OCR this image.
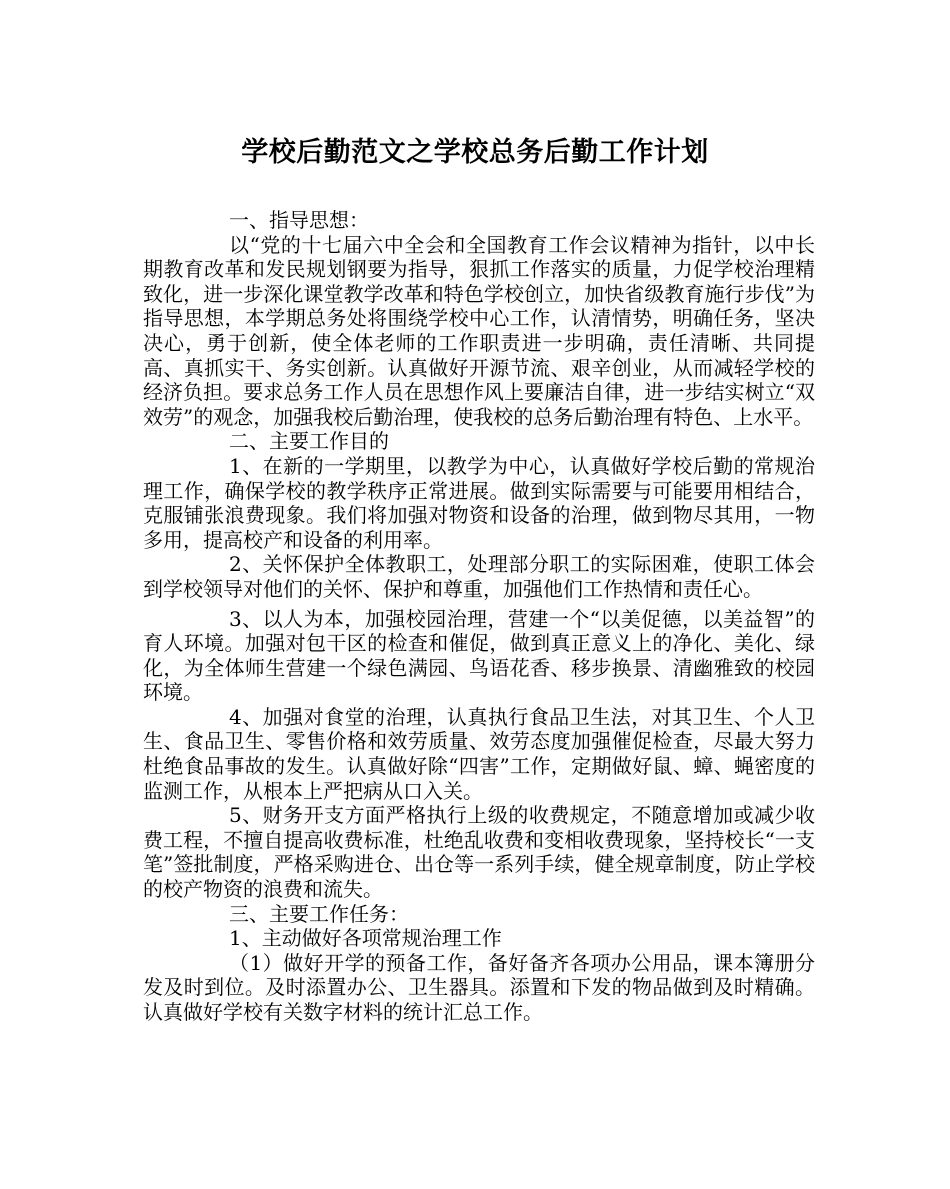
学校后勤范文之学校总务后勤工作计划

一、指导思想：

以“党的十七届六中全会和全国教育工作会议精神为指针，以中长期教育改革和发民规划钢要为指导，狠抓工作落实的质量，力促学校治理精致化，进一步深化课堂教学改革和特色学校创立，加快省级教育施行步伐”为指导思想，本学期总务处将围绕学校中心工作，认清情势，明确任务，坚决决心，勇于创新，使全体老师的工作职责进一步明确，责任清晰、共同提高、真抓实干、务实创新。认真做好开源节流、艰辛创业，从而减轻学校的经济负担。要求总务工作人员在思想作风上要廉洁自律，进一步结实树立“双效劳”的观念，加强我校后勤治理，使我校的总务后勤治理有特色、上水平。

二、主要工作目的

1、在新的一学期里，以教学为中心，认真做好学校后勤的常规治理工作，确保学校的教学秩序正常进展。做到实际需要与可能要用相结合，克服铺张浪费现象。我们将加强对物资和设备的治理，做到物尽其用，一物多用，提高校产和设备的利用率。

2、关怀保护全体教职工，处理部分职工的实际困难，使职工体会到学校领导对他们的关怀、保护和尊重，加强他们工作热情和责任心。

3、以人为本，加强校园治理，营建一个“以美促德，以美益智”的育人环境。加强对包干区的检查和催促，做到真正意义上的净化、美化、绿化，为全体师生营建一个绿色满园、鸟语花香、移步换景、清幽雅致的校园环境。

4、加强对食堂的治理，认真执行食品卫生法，对其卫生、个人卫生、食品卫生、零售价格和效劳质量、效劳态度加强催促检查，尽最大努力杜绝食品事故的发生。认真做好除“四害”工作，定期做好鼠、蟑、蝇密度的监测工作，从根本上严把病从口入关。

5、财务开支方面严格执行上级的收费规定，不随意增加或减少收费工程，不擅自提高收费标准，杜绝乱收费和变相收费现象，坚持校长“一支笔”签批制度，严格采购进仓、出仓等一系列手续，健全规章制度，防止学校的校产物资的浪费和流失。

三、主要工作任务：

1、主动做好各项常规治理工作

（1）做好开学的预备工作，备好备齐各项办公用品，课本簿册分发及时到位。及时添置办公、卫生器具。添置和下发的物品做到及时精确。认真做好学校有关数字材料的统计汇总工作。
